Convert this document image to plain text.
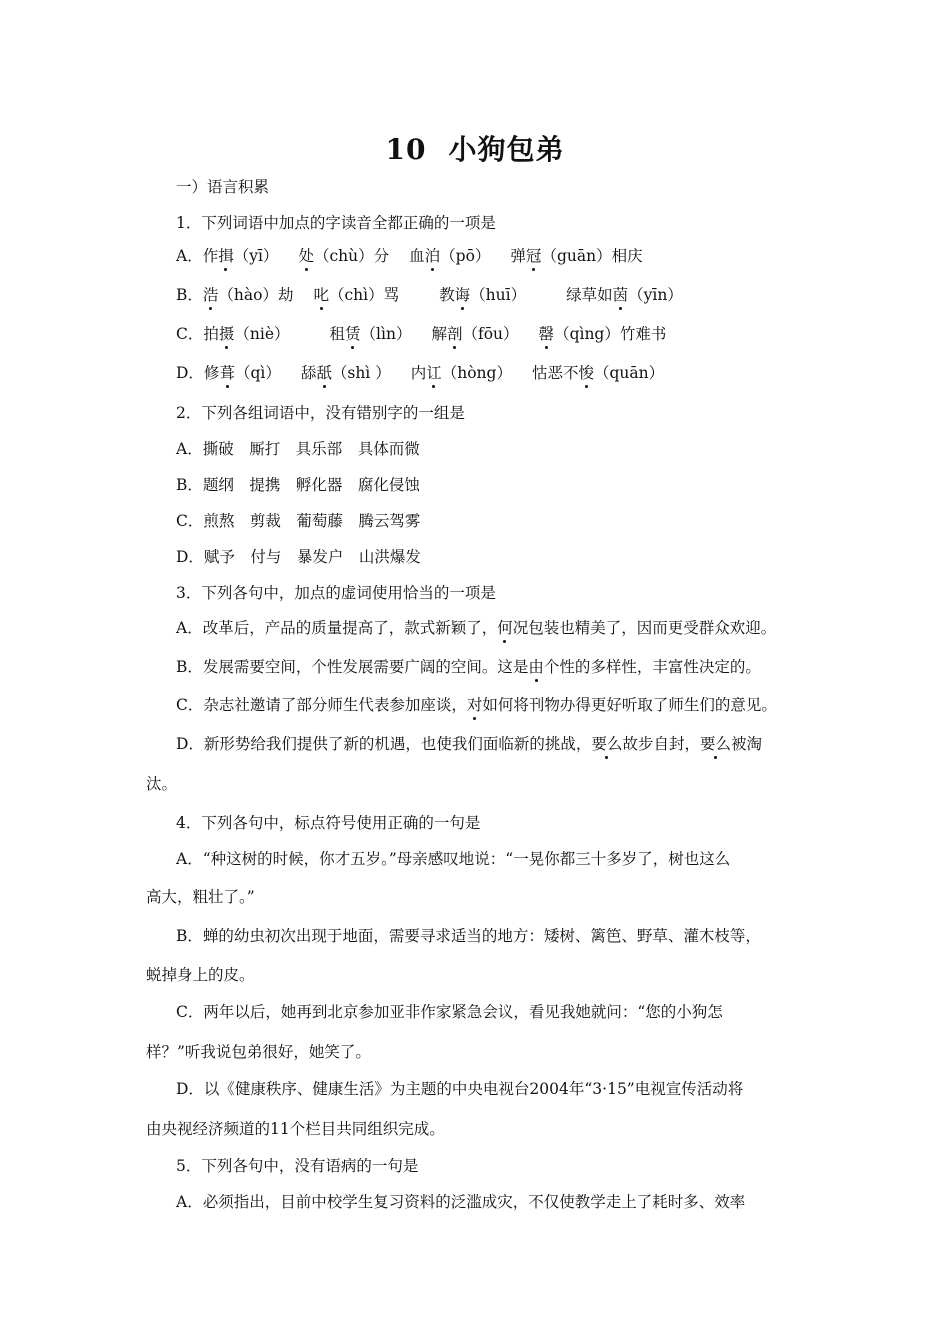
10 小狗包弟
一）语言积累
1．下列词语中加点的字读音全都正确的一项是
A．作揖（yī） 处（chù）分 血泊（pō） 弹冠（guān）相庆
B．浩（hào）劫 叱（chì）骂	教诲（huī）	绿草如茵（yīn）
C．拍摄（niè）	租赁（lìn） 解剖（fōu） 罄（qìng）竹难书
D．修葺（qì） 舔舐（shì ） 内讧（hòng） 怙恶不悛（quān）
2．下列各组词语中，没有错别字的一组是
A．撕破　厮打　具乐部　具体而微
B．题纲　提携　孵化器　腐化侵蚀
C．煎熬　剪裁　葡萄藤　腾云驾雾
D．赋予　付与　暴发户　山洪爆发
3．下列各句中，加点的虚词使用恰当的一项是
A．改革后，产品的质量提高了，款式新颖了，何况包装也精美了，因而更受群众欢迎。
B．发展需要空间，个性发展需要广阔的空间。这是由个性的多样性，丰富性决定的。
C．杂志社邀请了部分师生代表参加座谈，对如何将刊物办得更好听取了师生们的意见。
D．新形势给我们提供了新的机遇，也使我们面临新的挑战，要么故步自封，要么被淘
汰。
4．下列各句中，标点符号使用正确的一句是
A．“种这树的时候，你才五岁。”母亲感叹地说：“一晃你都三十多岁了，树也这么
高大，粗壮了。”
B．蝉的幼虫初次出现于地面，需要寻求适当的地方：矮树、篱笆、野草、灌木枝等，
蜕掉身上的皮。
C．两年以后，她再到北京参加亚非作家紧急会议，看见我她就问：“您的小狗怎
样？”听我说包弟很好，她笑了。
D．以《健康秩序、健康生活》为主题的中央电视台2004年“3·15”电视宣传活动将
由央视经济频道的11个栏目共同组织完成。
5．下列各句中，没有语病的一句是
A．必须指出，目前中校学生复习资料的泛滥成灾，不仅使教学走上了耗时多、效率
